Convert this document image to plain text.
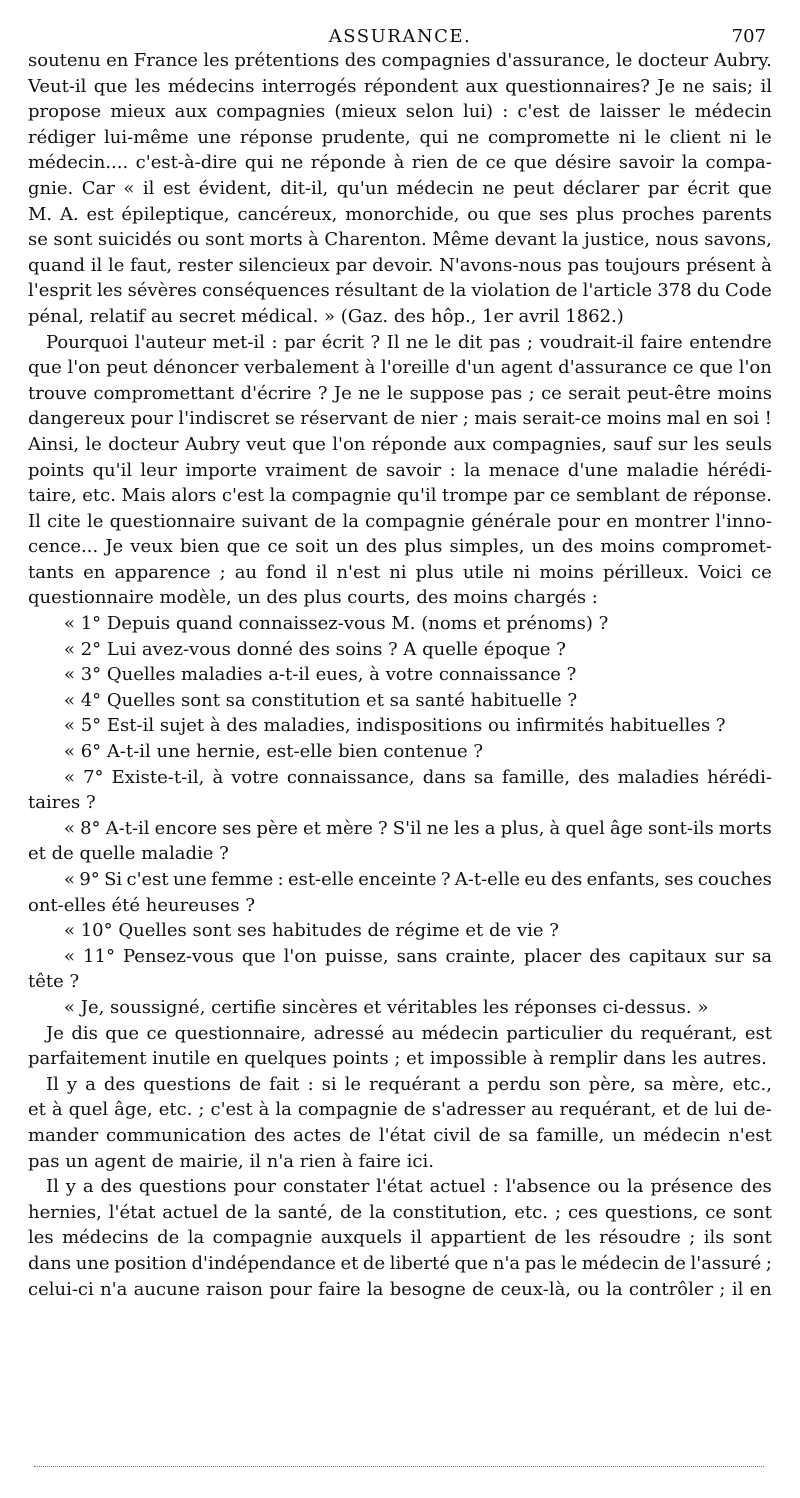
ASSURANCE.	707
soutenu en France les prétentions des compagnies d'assurance, le docteur Aubry.
Veut-il que les médecins interrogés répondent aux questionnaires? Je ne sais; il
propose mieux aux compagnies (mieux selon lui) : c'est de laisser le médecin
rédiger lui-même une réponse prudente, qui ne compromette ni le client ni le
médecin.... c'est-à-dire qui ne réponde à rien de ce que désire savoir la compa-
gnie. Car « il est évident, dit-il, qu'un médecin ne peut déclarer par écrit que
M. A. est épileptique, cancéreux, monorchide, ou que ses plus proches parents
se sont suicidés ou sont morts à Charenton. Même devant la justice, nous savons,
quand il le faut, rester silencieux par devoir. N'avons-nous pas toujours présent à
l'esprit les sévères conséquences résultant de la violation de l'article 378 du Code
pénal, relatif au secret médical. » (Gaz. des hôp., 1er avril 1862.)
Pourquoi l'auteur met-il : par écrit ? Il ne le dit pas ; voudrait-il faire entendre
que l'on peut dénoncer verbalement à l'oreille d'un agent d'assurance ce que l'on
trouve compromettant d'écrire ? Je ne le suppose pas ; ce serait peut-être moins
dangereux pour l'indiscret se réservant de nier ; mais serait-ce moins mal en soi !
Ainsi, le docteur Aubry veut que l'on réponde aux compagnies, sauf sur les seuls
points qu'il leur importe vraiment de savoir : la menace d'une maladie hérédi-
taire, etc. Mais alors c'est la compagnie qu'il trompe par ce semblant de réponse.
Il cite le questionnaire suivant de la compagnie générale pour en montrer l'inno-
cence... Je veux bien que ce soit un des plus simples, un des moins compromet-
tants en apparence ; au fond il n'est ni plus utile ni moins périlleux. Voici ce
questionnaire modèle, un des plus courts, des moins chargés :
« 1° Depuis quand connaissez-vous M. (noms et prénoms) ?
« 2° Lui avez-vous donné des soins ? A quelle époque ?
« 3° Quelles maladies a-t-il eues, à votre connaissance ?
« 4° Quelles sont sa constitution et sa santé habituelle ?
« 5° Est-il sujet à des maladies, indispositions ou infirmités habituelles ?
« 6° A-t-il une hernie, est-elle bien contenue ?
« 7° Existe-t-il, à votre connaissance, dans sa famille, des maladies hérédi-
taires ?
« 8° A-t-il encore ses père et mère ? S'il ne les a plus, à quel âge sont-ils morts
et de quelle maladie ?
« 9° Si c'est une femme : est-elle enceinte ? A-t-elle eu des enfants, ses couches
ont-elles été heureuses ?
« 10° Quelles sont ses habitudes de régime et de vie ?
« 11° Pensez-vous que l'on puisse, sans crainte, placer des capitaux sur sa
tête ?
« Je, soussigné, certifie sincères et véritables les réponses ci-dessus. »
Je dis que ce questionnaire, adressé au médecin particulier du requérant, est
parfaitement inutile en quelques points ; et impossible à remplir dans les autres.
Il y a des questions de fait : si le requérant a perdu son père, sa mère, etc.,
et à quel âge, etc. ; c'est à la compagnie de s'adresser au requérant, et de lui de-
mander communication des actes de l'état civil de sa famille, un médecin n'est
pas un agent de mairie, il n'a rien à faire ici.
Il y a des questions pour constater l'état actuel : l'absence ou la présence des
hernies, l'état actuel de la santé, de la constitution, etc. ; ces questions, ce sont
les médecins de la compagnie auxquels il appartient de les résoudre ; ils sont
dans une position d'indépendance et de liberté que n'a pas le médecin de l'assuré ;
celui-ci n'a aucune raison pour faire la besogne de ceux-là, ou la contrôler ; il en
